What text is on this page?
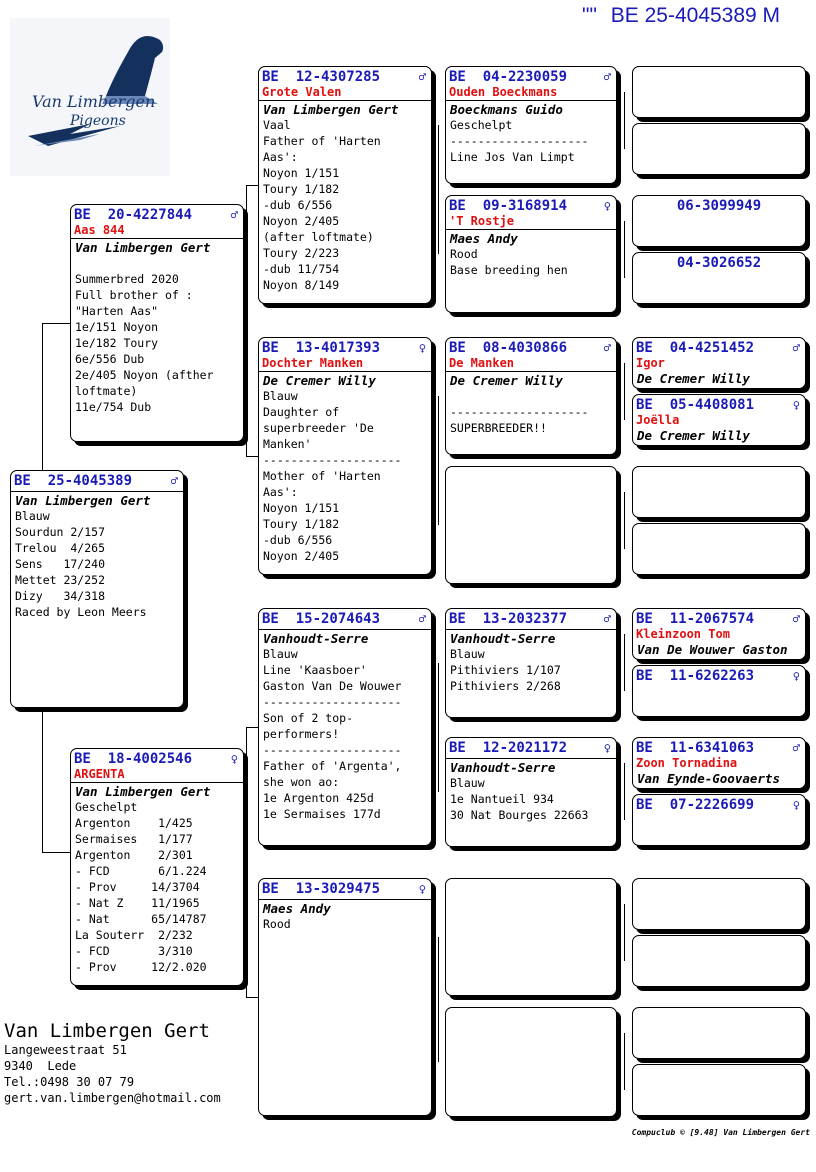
"" BE 25-4045389 M
Van Limbergen
Pigeons
BE  25-4045389	♂
Van Limbergen Gert
Blauw
Sourdun 2/157
Trelou  4/265
Sens   17/240
Mettet 23/252
Dizy   34/318
Raced by Leon Meers
BE  20-4227844	♂
Aas 844
Van Limbergen Gert

Summerbred 2020
Full brother of :
"Harten Aas"
1e/151 Noyon
1e/182 Toury
6e/556 Dub
2e/405 Noyon (afther
loftmate)
11e/754 Dub
BE  18-4002546	♀
ARGENTA
Van Limbergen Gert
Geschelpt
Argenton    1/425
Sermaises   1/177
Argenton    2/301
- FCD       6/1.224
- Prov     14/3704
- Nat Z    11/1965
- Nat      65/14787
La Souterr  2/232
- FCD       3/310
- Prov     12/2.020
BE  12-4307285	♂
Grote Valen
Van Limbergen Gert
Vaal
Father of 'Harten
Aas':
Noyon 1/151
Toury 1/182
-dub 6/556
Noyon 2/405
(after loftmate)
Toury 2/223
-dub 11/754
Noyon 8/149
BE  13-4017393	♀
Dochter Manken
De Cremer Willy
Blauw
Daughter of
superbreeder 'De
Manken'
--------------------
Mother of 'Harten
Aas':
Noyon 1/151
Toury 1/182
-dub 6/556
Noyon 2/405
BE  15-2074643	♂
Vanhoudt-Serre
Blauw
Line 'Kaasboer'
Gaston Van De Wouwer
--------------------
Son of 2 top-
performers!
--------------------
Father of 'Argenta',
she won ao:
1e Argenton 425d
1e Sermaises 177d
BE  13-3029475	♀
Maes Andy
Rood
BE  04-2230059	♂
Ouden Boeckmans
Boeckmans Guido
Geschelpt
--------------------
Line Jos Van Limpt
BE  09-3168914	♀
'T Rostje
Maes Andy
Rood
Base breeding hen
BE  08-4030866	♂
De Manken
De Cremer Willy

--------------------
SUPERBREEDER!!
BE  13-2032377	♂
Vanhoudt-Serre
Blauw
Pithiviers 1/107
Pithiviers 2/268
BE  12-2021172	♀
Vanhoudt-Serre
Blauw
1e Nantueil 934
30 Nat Bourges 22663
06-3099949
04-3026652
BE  04-4251452	♂
Igor
De Cremer Willy
BE  05-4408081	♀
Joëlla
De Cremer Willy
BE  11-2067574	♂
Kleinzoon Tom
Van De Wouwer Gaston
BE  11-6262263	♀
BE  11-6341063	♂
Zoon Tornadina
Van Eynde-Goovaerts
BE  07-2226699	♀
Van Limbergen Gert
Langeweestraat 51
9340  Lede
Tel.:0498 30 07 79
gert.van.limbergen@hotmail.com
Compuclub © [9.48] Van Limbergen Gert
